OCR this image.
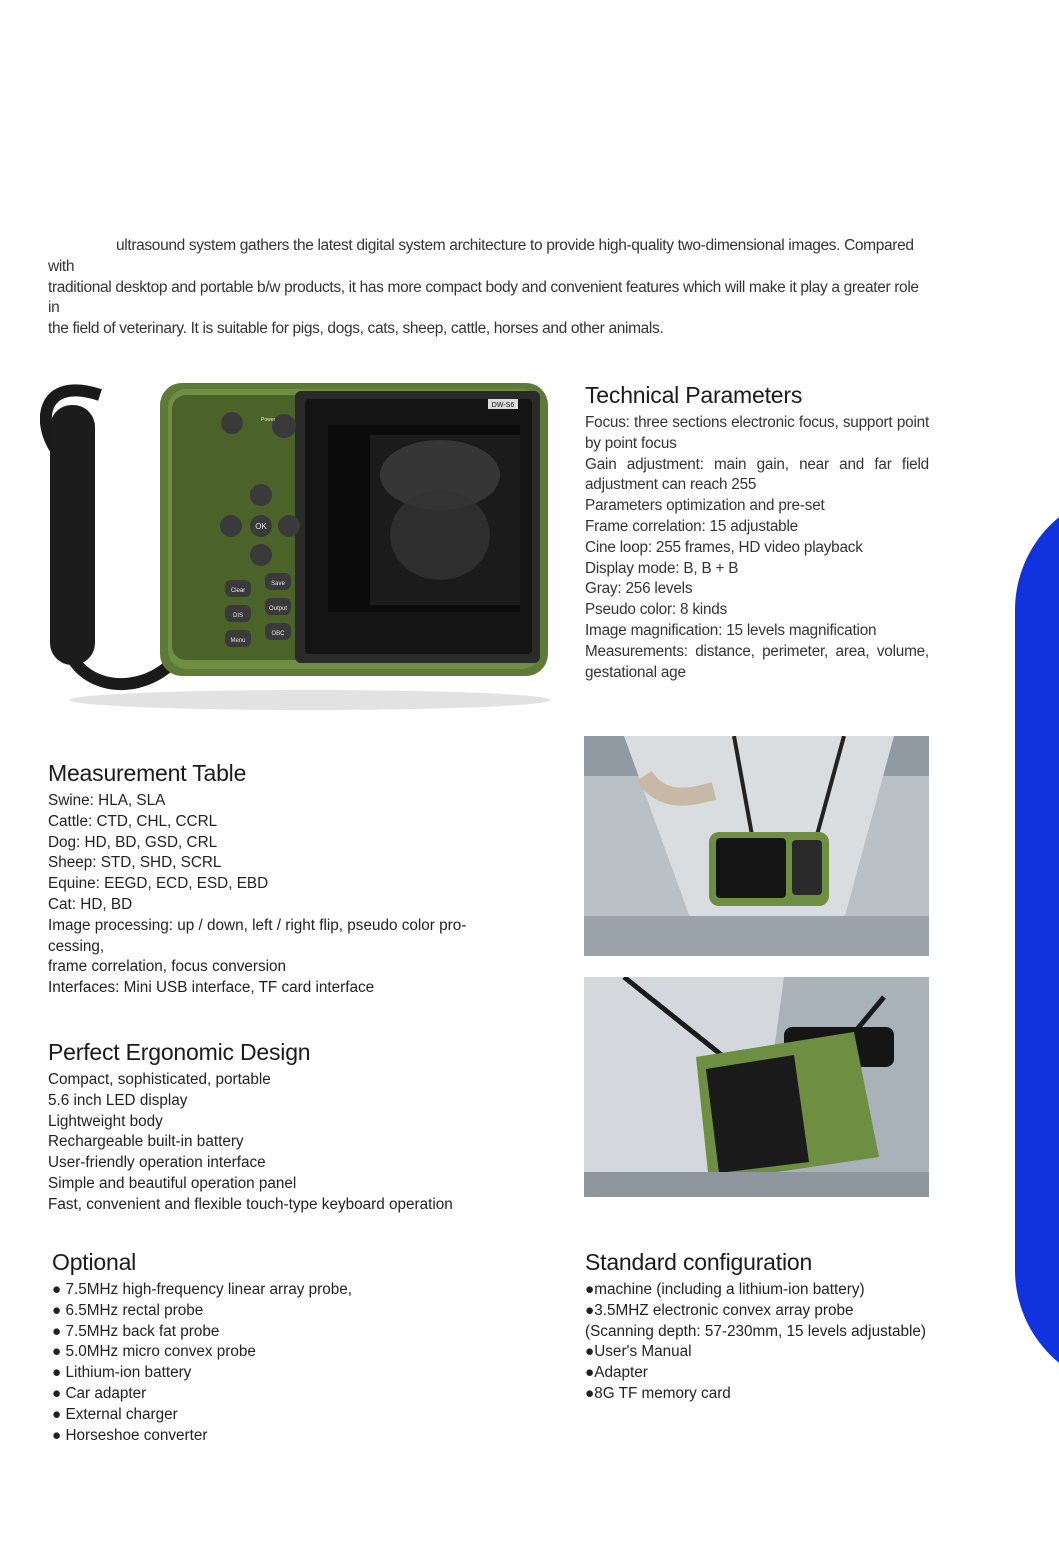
ultrasound system gathers the latest digital system architecture to provide high-quality two-dimensional images. Compared with
traditional desktop and portable b/w products, it has more compact body and convenient features which will make it play a greater role in
the field of veterinary. It is suitable for pigs, dogs, cats, sheep, cattle, horses and other animals.
DW-S6
Power
OK
Clear
Save
DIS
Output
Menu
OBC
Technical Parameters
Focus: three sections electronic focus, support point
by point focus
Gain adjustment: main gain, near and far field
adjustment can reach 255
Parameters optimization and pre-set
Frame correlation: 15 adjustable
Cine loop: 255 frames, HD video playback
Display mode: B, B + B
Gray: 256 levels
Pseudo color: 8 kinds
Image magnification: 15 levels magnification
Measurements: distance, perimeter, area, volume,
gestational age
Measurement Table
Swine: HLA, SLA
Cattle: CTD, CHL, CCRL
Dog: HD, BD, GSD, CRL
Sheep: STD, SHD, SCRL
Equine: EEGD, ECD, ESD, EBD
Cat: HD, BD
Image processing: up / down, left / right flip, pseudo color pro-
cessing,
frame correlation, focus conversion
Interfaces: Mini USB interface, TF card interface
Perfect Ergonomic Design
Compact, sophisticated, portable
5.6 inch LED display
Lightweight body
Rechargeable built-in battery
User-friendly operation interface
Simple and beautiful operation panel
Fast, convenient and flexible touch-type keyboard operation
Optional
● 7.5MHz high-frequency linear array probe,
● 6.5MHz rectal probe
● 7.5MHz back fat probe
● 5.0MHz micro convex probe
● Lithium-ion battery
● Car adapter
● External charger
● Horseshoe converter
Standard configuration
●machine (including a lithium-ion battery)
●3.5MHZ electronic convex array probe
(Scanning depth: 57-230mm, 15 levels adjustable)
●User's Manual
●Adapter
●8G TF memory card
